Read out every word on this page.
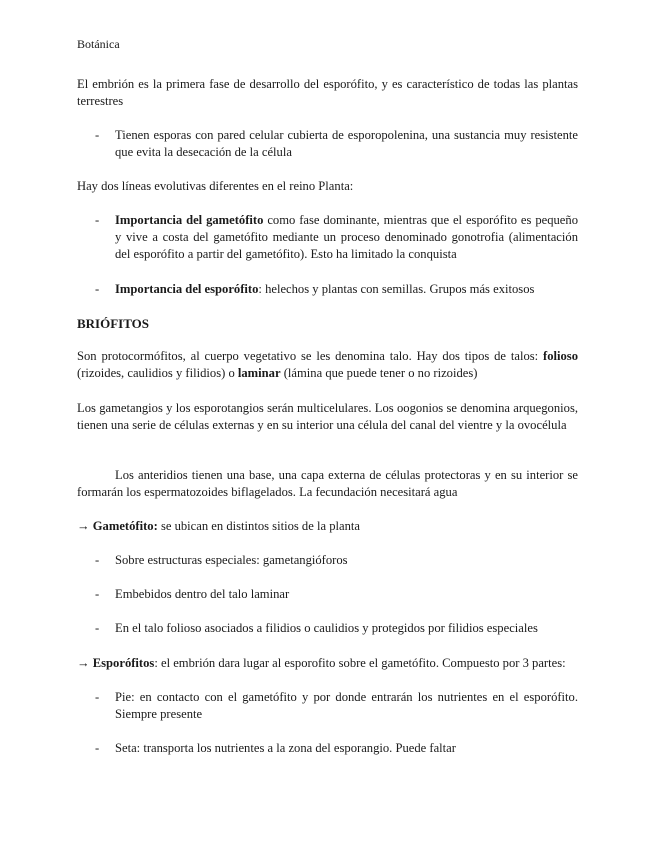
Botánica
El embrión es la primera fase de desarrollo del esporófito, y es característico de todas las plantas terrestres
- Tienen esporas con pared celular cubierta de esporopolenina, una sustancia muy resistente que evita la desecación de la célula
Hay dos líneas evolutivas diferentes en el reino Planta:
- Importancia del gametófito como fase dominante, mientras que el esporófito es pequeño y vive a costa del gametófito mediante un proceso denominado gonotrofia (alimentación del esporófito a partir del gametófito). Esto ha limitado la conquista
- Importancia del esporófito: helechos y plantas con semillas. Grupos más exitosos
BRIÓFITOS
Son protocormófitos, al cuerpo vegetativo se les denomina talo. Hay dos tipos de talos: folioso (rizoides, caulidios y filidios) o laminar (lámina que puede tener o no rizoides)
Los gametangios y los esporotangios serán multicelulares. Los oogonios se denomina arquegonios, tienen una serie de células externas y en su interior una célula del canal del vientre y la ovocélula
Los anteridios tienen una base, una capa externa de células protectoras y en su interior se formarán los espermatozoides biflagelados. La fecundación necesitará agua
→ Gametófito: se ubican en distintos sitios de la planta
- Sobre estructuras especiales: gametangióforos
- Embebidos dentro del talo laminar
- En el talo folioso asociados a filidios o caulidios y protegidos por filidios especiales
→ Esporófitos: el embrión dara lugar al esporofito sobre el gametófito. Compuesto por 3 partes:
- Pie: en contacto con el gametófito y por donde entrarán los nutrientes en el esporófito. Siempre presente
- Seta: transporta los nutrientes a la zona del esporangio. Puede faltar
